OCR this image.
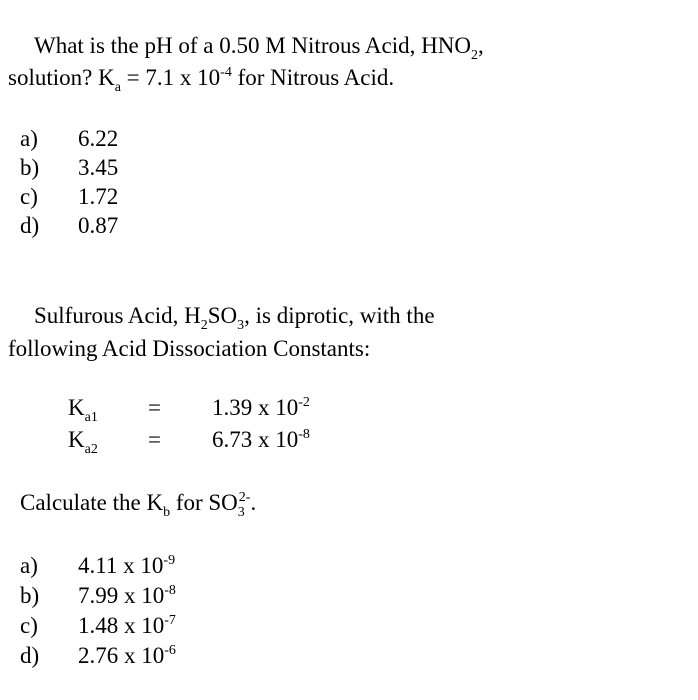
What is the pH of a 0.50 M Nitrous Acid, $HNO_2$,
solution? $K_a = 7.1$ x $10^{-4}$ for Nitrous Acid.
a) 6.22
b) 3.45
c) 1.72
d) 0.87
Sulfurous Acid, $H_2SO_3$, is diprotic, with the
following Acid Dissociation Constants:
$K_{a1} = 1.39$ x $10^{-2}$
$K_{a2} = 6.73$ x $10^{-8}$
Calculate the $K_b$ for $SO_3^{2-}$.
a) 4.11 x $10^{-9}$
b) 7.99 x $10^{-8}$
c) 1.48 x $10^{-7}$
d) 2.76 x $10^{-6}$
